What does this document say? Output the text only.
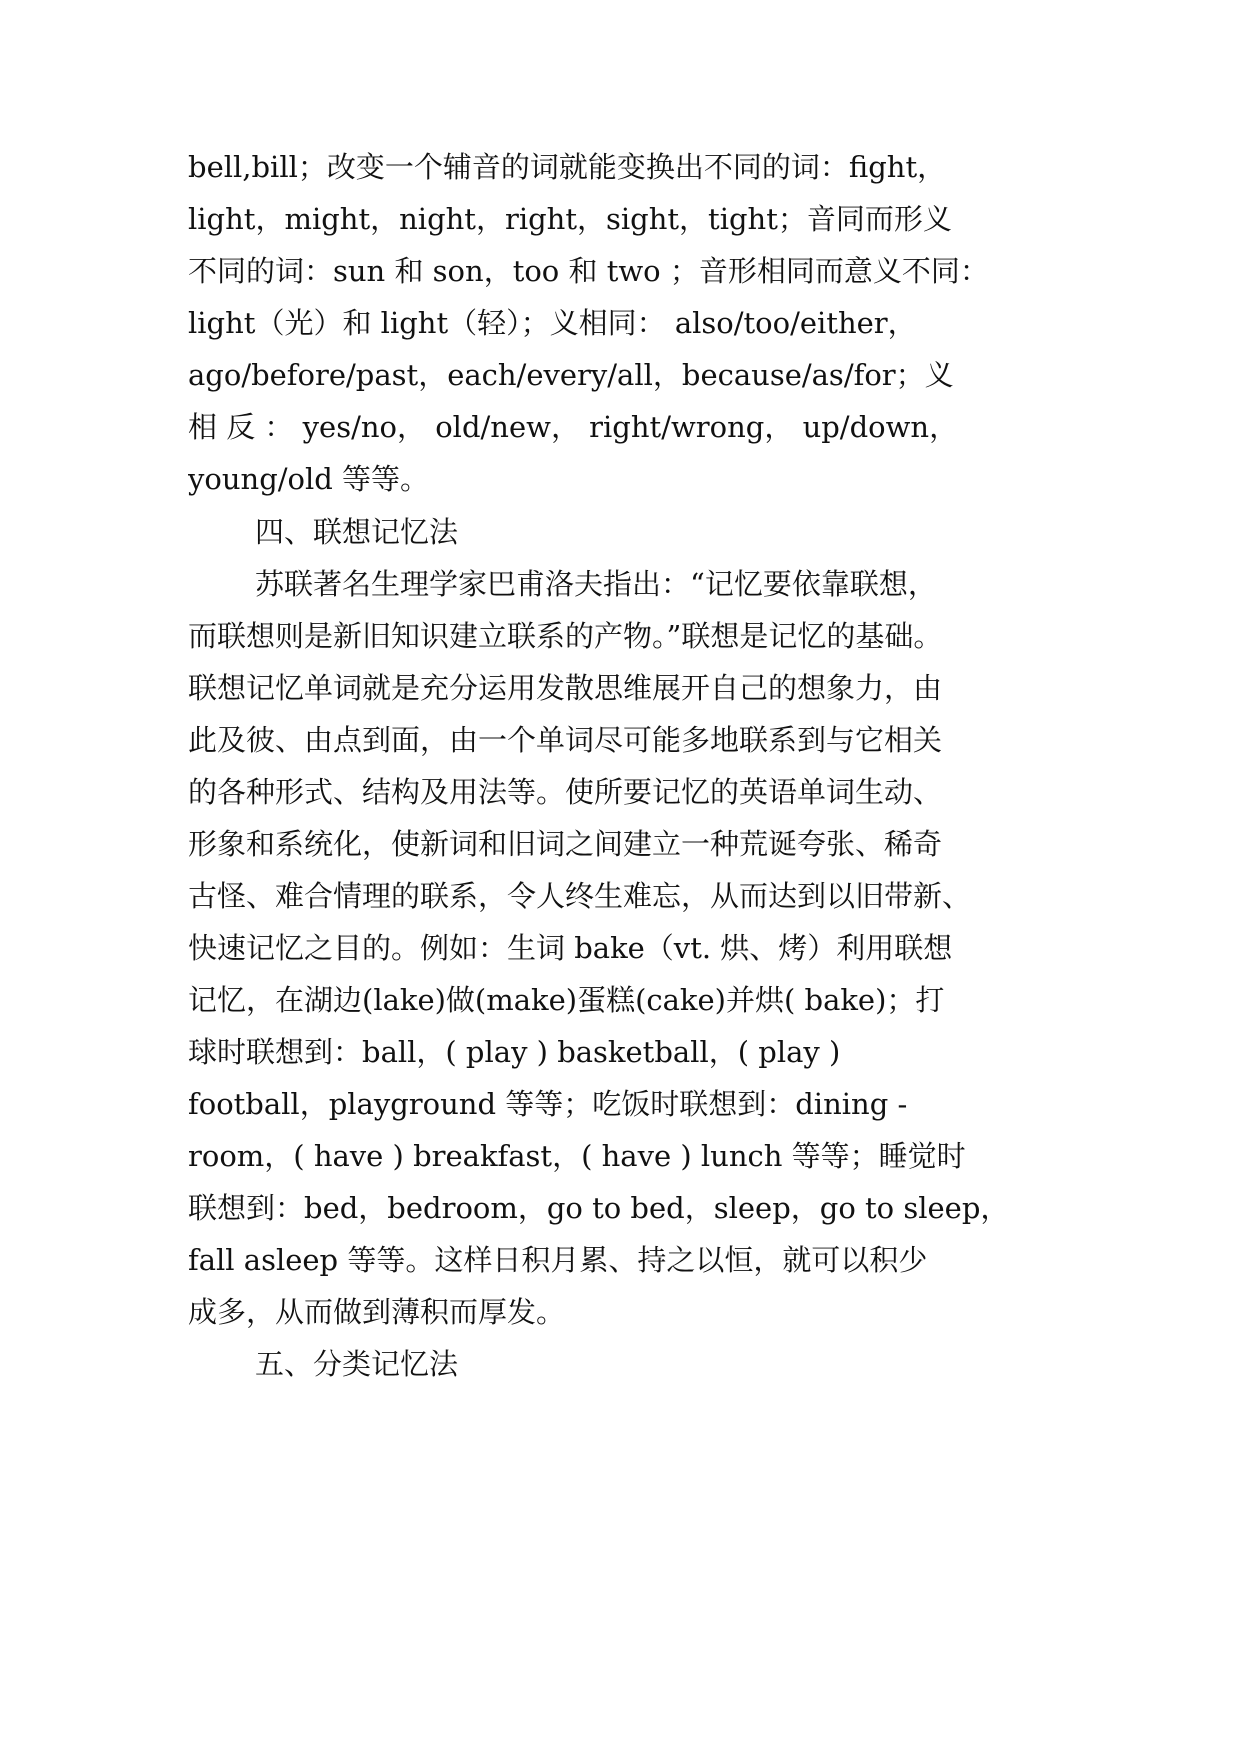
bell,bill；改变一个辅音的词就能变换出不同的词：fight，
light，might，night，right，sight，tight；音同而形义
不同的词：sun 和 son，too 和 two ；音形相同而意义不同：
light（光）和 light（轻）；义相同： also/too/either，
ago/before/past，each/every/all，because/as/for；义
相 反 ： yes/no， old/new， right/wrong， up/down，
young/old 等等。
四、联想记忆法
苏联著名生理学家巴甫洛夫指出：“记忆要依靠联想，
而联想则是新旧知识建立联系的产物。”联想是记忆的基础。
联想记忆单词就是充分运用发散思维展开自己的想象力，由
此及彼、由点到面，由一个单词尽可能多地联系到与它相关
的各种形式、结构及用法等。使所要记忆的英语单词生动、
形象和系统化，使新词和旧词之间建立一种荒诞夸张、稀奇
古怪、难合情理的联系，令人终生难忘，从而达到以旧带新、
快速记忆之目的。例如：生词 bake（vt. 烘、烤）利用联想
记忆，在湖边(lake)做(make)蛋糕(cake)并烘( bake)；打
球时联想到：ball，( play ) basketball，( play )
football，playground 等等；吃饭时联想到：dining -
room，( have ) breakfast，( have ) lunch 等等；睡觉时
联想到：bed，bedroom，go to bed，sleep，go to sleep，
fall asleep 等等。这样日积月累、持之以恒，就可以积少
成多，从而做到薄积而厚发。
五、分类记忆法
